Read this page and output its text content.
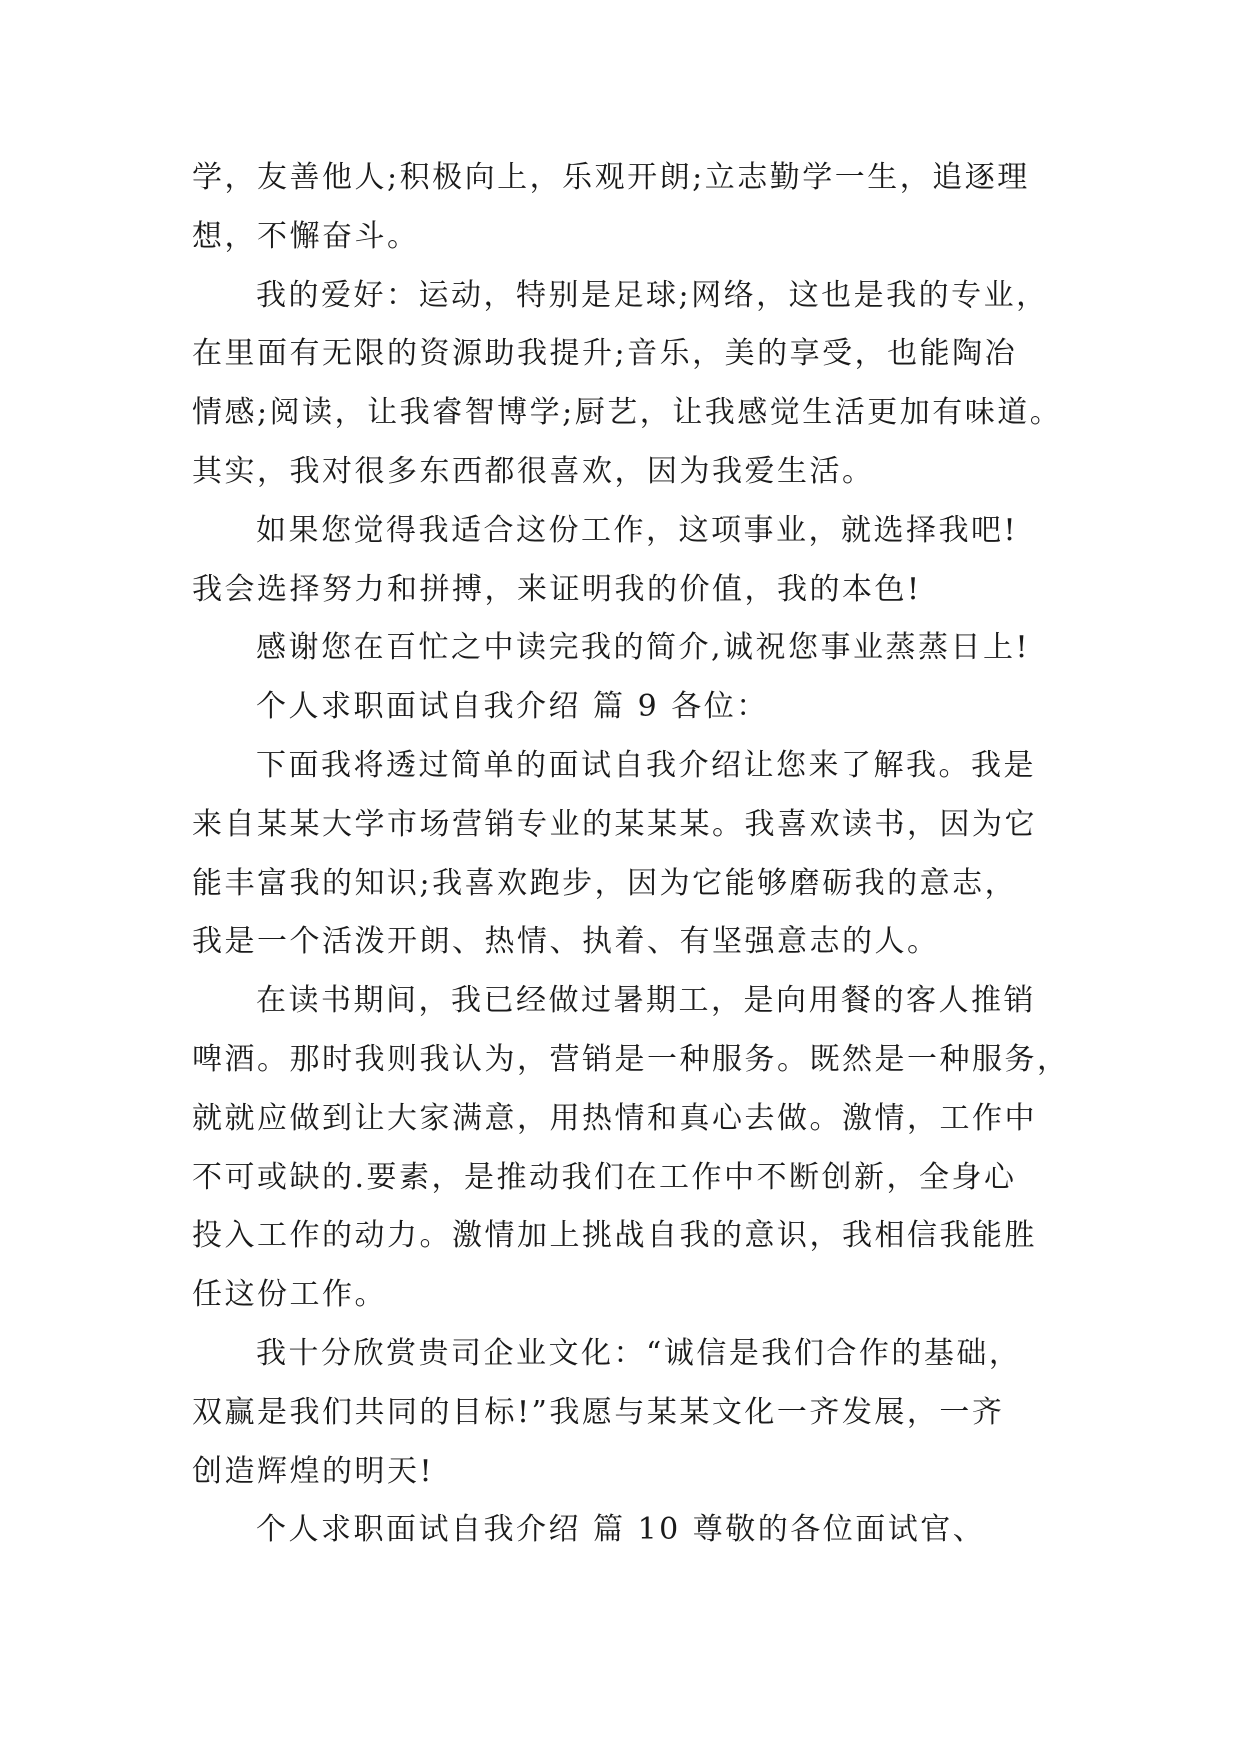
学，友善他人;积极向上，乐观开朗;立志勤学一生，追逐理
想，不懈奋斗。
我的爱好：运动，特别是足球;网络，这也是我的专业，
在里面有无限的资源助我提升;音乐，美的享受，也能陶冶
情感;阅读，让我睿智博学;厨艺，让我感觉生活更加有味道。
其实，我对很多东西都很喜欢，因为我爱生活。
如果您觉得我适合这份工作，这项事业，就选择我吧!
我会选择努力和拼搏，来证明我的价值，我的本色!
感谢您在百忙之中读完我的简介,诚祝您事业蒸蒸日上!
个人求职面试自我介绍 篇 9 各位：
下面我将透过简单的面试自我介绍让您来了解我。我是
来自某某大学市场营销专业的某某某。我喜欢读书，因为它
能丰富我的知识;我喜欢跑步，因为它能够磨砺我的意志，
我是一个活泼开朗、热情、执着、有坚强意志的人。
在读书期间，我已经做过暑期工，是向用餐的客人推销
啤酒。那时我则我认为，营销是一种服务。既然是一种服务，
就就应做到让大家满意，用热情和真心去做。激情，工作中
不可或缺的.要素，是推动我们在工作中不断创新，全身心
投入工作的动力。激情加上挑战自我的意识，我相信我能胜
任这份工作。
我十分欣赏贵司企业文化：“诚信是我们合作的基础，
双赢是我们共同的目标!”我愿与某某文化一齐发展，一齐
创造辉煌的明天!
个人求职面试自我介绍 篇 10 尊敬的各位面试官、
